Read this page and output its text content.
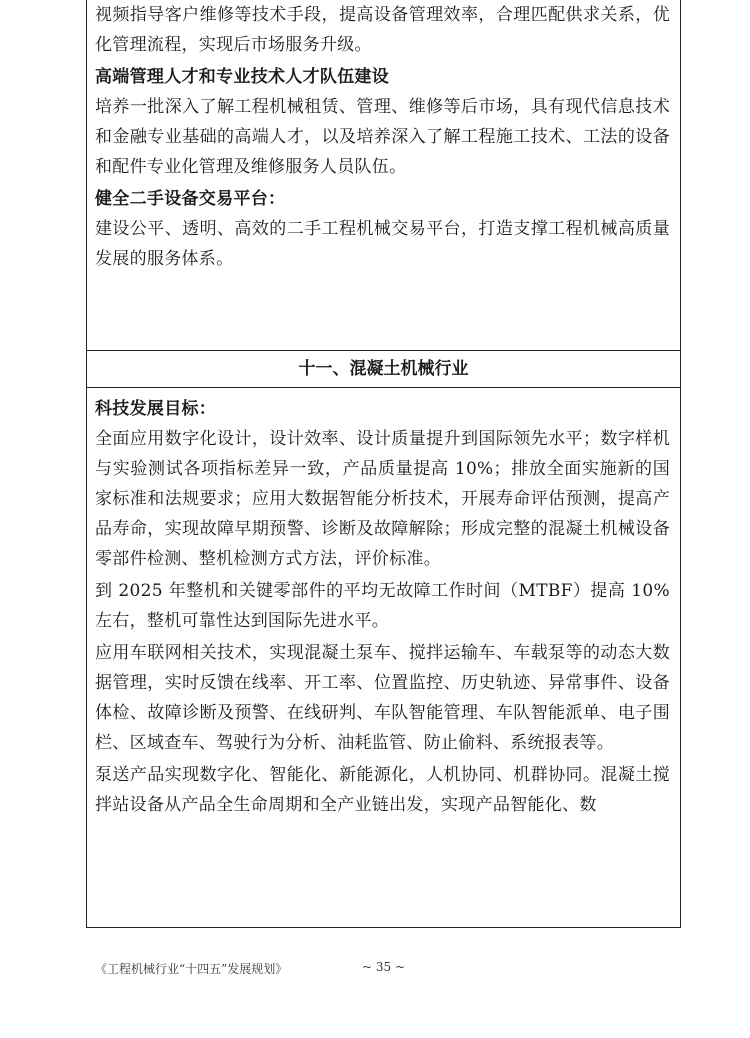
视频指导客户维修等技术手段，提高设备管理效率，合理匹配供求关系，优化管理流程，实现后市场服务升级。

高端管理人才和专业技术人才队伍建设

培养一批深入了解工程机械租赁、管理、维修等后市场，具有现代信息技术和金融专业基础的高端人才，以及培养深入了解工程施工技术、工法的设备和配件专业化管理及维修服务人员队伍。

健全二手设备交易平台：

建设公平、透明、高效的二手工程机械交易平台，打造支撑工程机械高质量发展的服务体系。

十一、混凝土机械行业

科技发展目标：

全面应用数字化设计，设计效率、设计质量提升到国际领先水平；数字样机与实验测试各项指标差异一致，产品质量提高 10%；排放全面实施新的国家标准和法规要求；应用大数据智能分析技术，开展寿命评估预测，提高产品寿命，实现故障早期预警、诊断及故障解除；形成完整的混凝土机械设备零部件检测、整机检测方式方法，评价标准。

到 2025 年整机和关键零部件的平均无故障工作时间（MTBF）提高 10%左右，整机可靠性达到国际先进水平。

应用车联网相关技术，实现混凝土泵车、搅拌运输车、车载泵等的动态大数据管理，实时反馈在线率、开工率、位置监控、历史轨迹、异常事件、设备体检、故障诊断及预警、在线研判、车队智能管理、车队智能派单、电子围栏、区域查车、驾驶行为分析、油耗监管、防止偷料、系统报表等。

泵送产品实现数字化、智能化、新能源化，人机协同、机群协同。混凝土搅拌站设备从产品全生命周期和全产业链出发，实现产品智能化、数

《工程机械行业“十四五”发展规划》	~ 35 ~
